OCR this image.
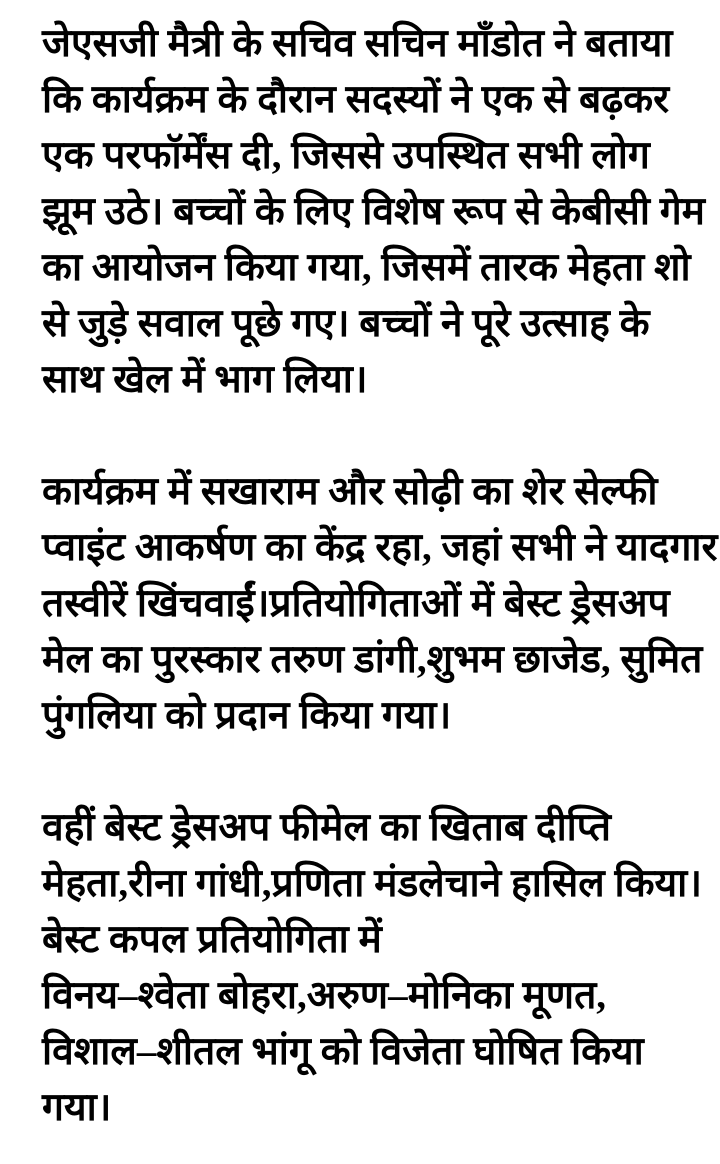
जेएसजी मैत्री के सचिव सचिन माँडोत ने बताया
कि कार्यक्रम के दौरान सदस्यों ने एक से बढ़कर
एक परफॉर्मेंस दी, जिससे उपस्थित सभी लोग
झूम उठे। बच्चों के लिए विशेष रूप से केबीसी गेम
का आयोजन किया गया, जिसमें तारक मेहता शो
से जुड़े सवाल पूछे गए। बच्चों ने पूरे उत्साह के
साथ खेल में भाग लिया।
कार्यक्रम में सखाराम और सोढ़ी का शेर सेल्फी
प्वाइंट आकर्षण का केंद्र रहा, जहां सभी ने यादगार
तस्वीरें खिंचवाईं।प्रतियोगिताओं में बेस्ट ड्रेसअप
मेल का पुरस्कार तरुण डांगी,शुभम छाजेड, सुमित
पुंगलिया को प्रदान किया गया।
वहीं बेस्ट ड्रेसअप फीमेल का खिताब दीप्ति
मेहता,रीना गांधी,प्रणिता मंडलेचाने हासिल किया।
बेस्ट कपल प्रतियोगिता में
विनय–श्वेता बोहरा,अरुण–मोनिका मूणत,
विशाल–शीतल भांगू को विजेता घोषित किया
गया।
